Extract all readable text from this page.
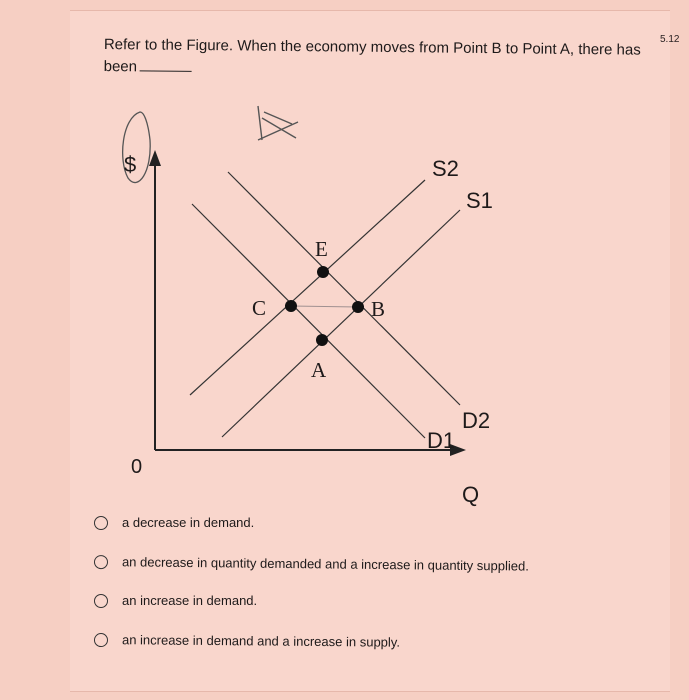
5.12
Refer to the Figure. When the economy moves from Point B to Point A, there has
been
$
0
Q
S2
S1
D2
D1
E
C	B
A
a decrease in demand.
an decrease in quantity demanded and a increase in quantity supplied.
an increase in demand.
an increase in demand and a increase in supply.
